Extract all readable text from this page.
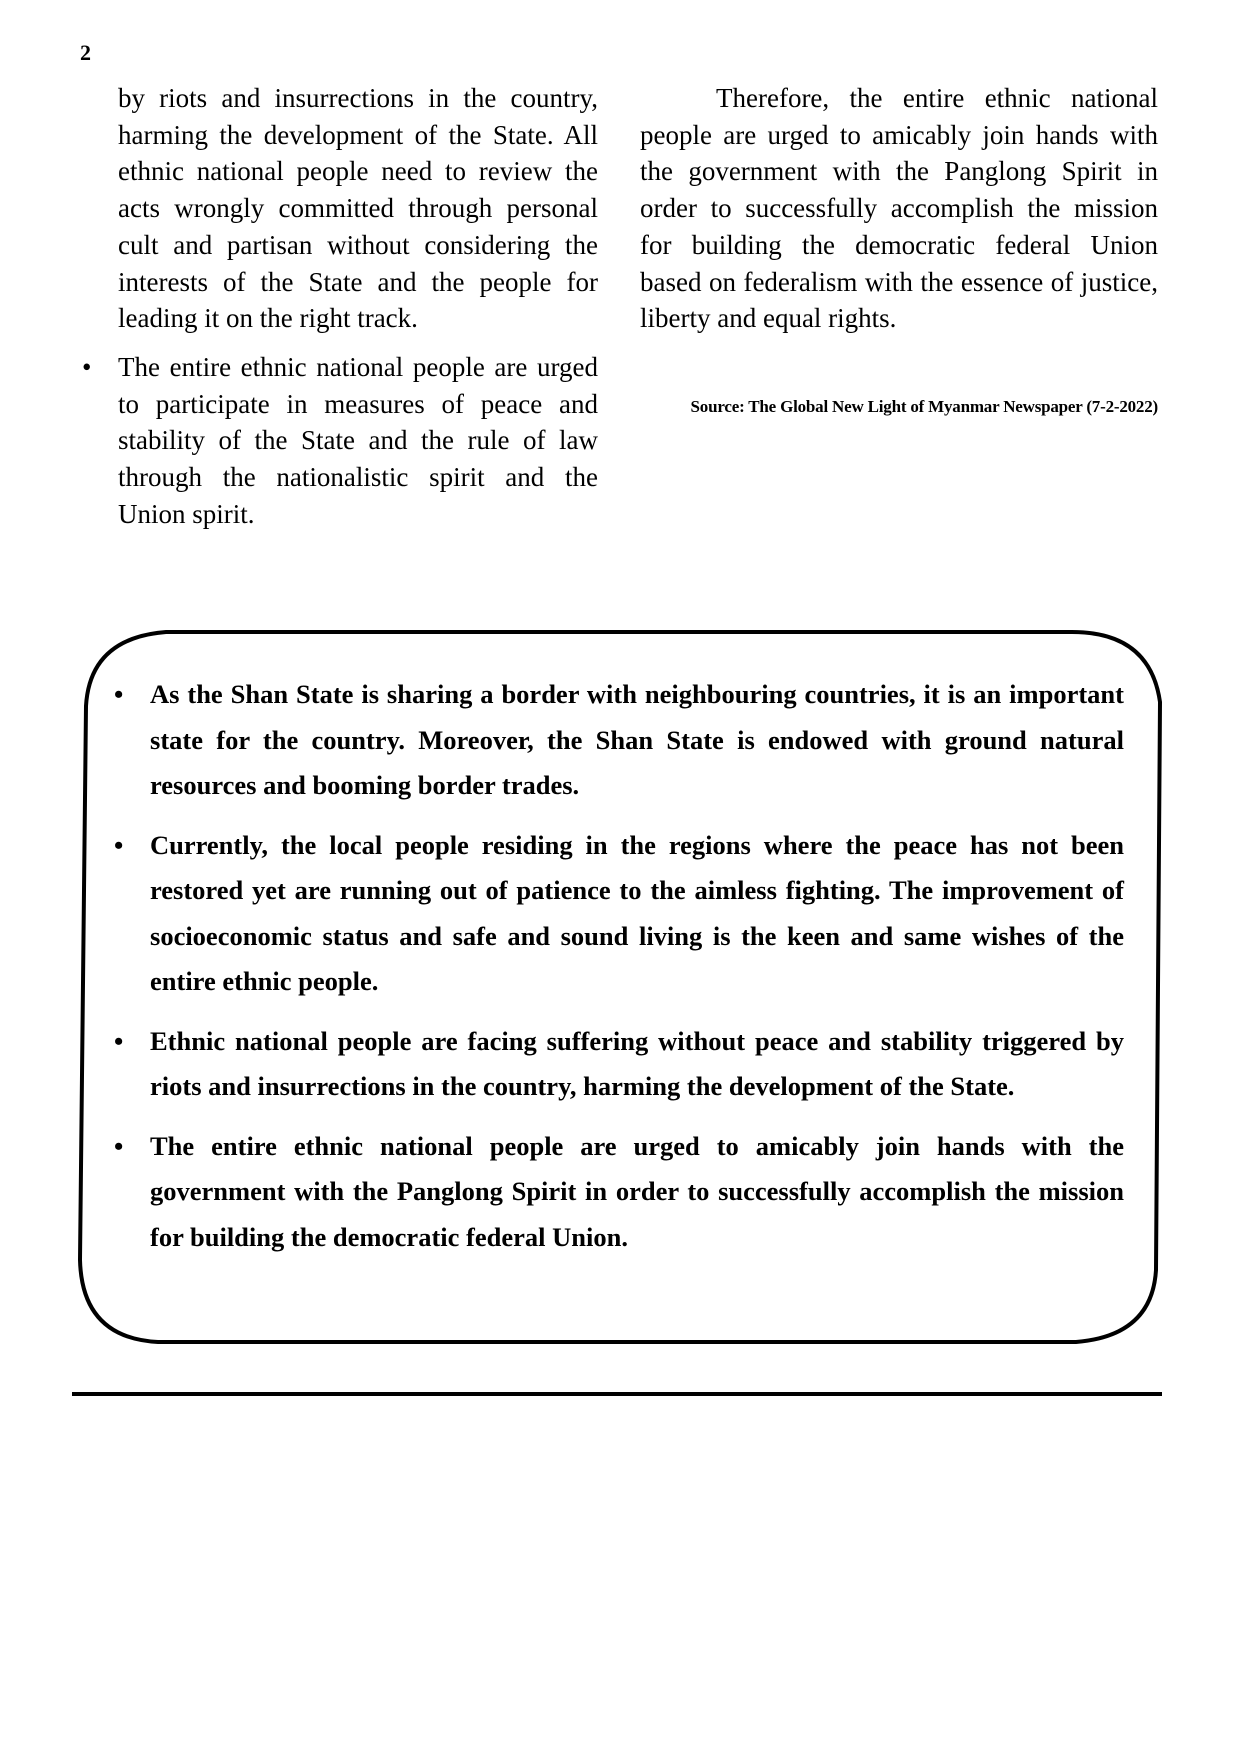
2

by riots and insurrections in the country, harming the development of the State. All ethnic national people need to review the acts wrongly committed through personal cult and partisan without considering the interests of the State and the people for leading it on the right track.

• The entire ethnic national people are urged to participate in measures of peace and stability of the State and the rule of law through the nationalistic spirit and the Union spirit.

Therefore, the entire ethnic national people are urged to amicably join hands with the government with the Panglong Spirit in order to successfully accomplish the mission for building the democratic federal Union based on federalism with the essence of justice, liberty and equal rights.

Source: The Global New Light of Myanmar Newspaper (7-2-2022)

• As the Shan State is sharing a border with neighbouring countries, it is an important state for the country. Moreover, the Shan State is endowed with ground natural resources and booming border trades.

• Currently, the local people residing in the regions where the peace has not been restored yet are running out of patience to the aimless fighting. The improvement of socioeconomic status and safe and sound living is the keen and same wishes of the entire ethnic people.

• Ethnic national people are facing suffering without peace and stability triggered by riots and insurrections in the country, harming the development of the State.

• The entire ethnic national people are urged to amicably join hands with the government with the Panglong Spirit in order to successfully accomplish the mission for building the democratic federal Union.
